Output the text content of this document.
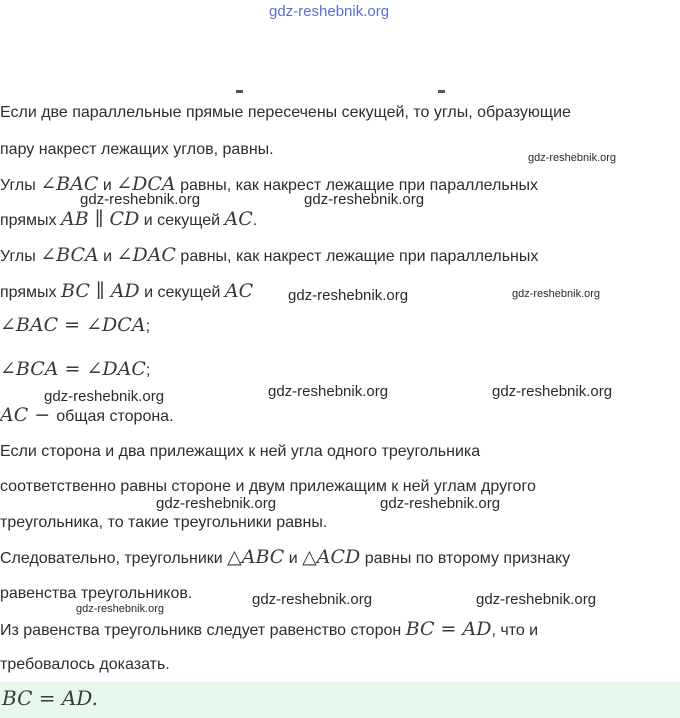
gdz-reshebnik.org
Если две параллельные прямые пересечены секущей, то углы, образующие
пару накрест лежащих углов, равны.
Углы ∠BAC и ∠DCA равны, как накрест лежащие при параллельных
прямых AB ∥ CD и секущей AC.
Углы ∠BCA и ∠DAC равны, как накрест лежащие при параллельных
прямых BC ∥ AD и секущей AC
∠BAC = ∠DCA;
∠BCA = ∠DAC;
AC − общая сторона.
Если сторона и два прилежащих к ней угла одного треугольника
соответственно равны стороне и двум прилежащим к ней углам другого
треугольника, то такие треугольники равны.
Следовательно, треугольники △ABC и △ACD равны по второму признаку
равенства треугольников.
Из равенства треугольникв следует равенство сторон BC = AD, что и
требовалось доказать.
BC = AD.
gdz-reshebnik.org
gdz-reshebnik.org	gdz-reshebnik.org
gdz-reshebnik.org	gdz-reshebnik.org
gdz-reshebnik.org	gdz-reshebnik.org	gdz-reshebnik.org
gdz-reshebnik.org	gdz-reshebnik.org
gdz-reshebnik.org	gdz-reshebnik.org
gdz-reshebnik.org
